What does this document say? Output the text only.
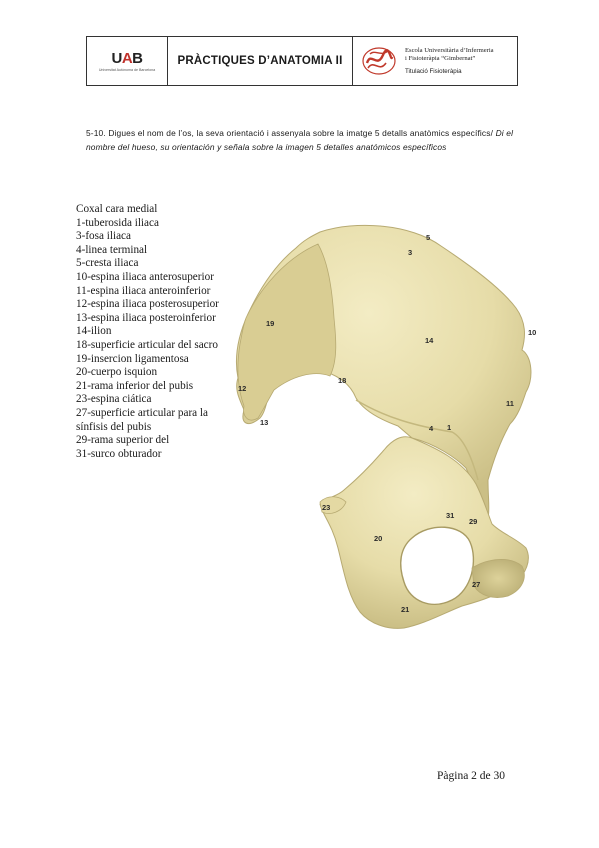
UAB
Universitat Autònoma de Barcelona
PRÀCTIQUES D’ANATOMIA II
Escola Universitària d’Infermeria
i Fisioteràpia “Gimbernat”
Titulació Fisioteràpia
5-10. Digues el nom de l’os, la seva orientació i assenyala sobre la imatge 5 detalls anatòmics específics/ Di el nombre del hueso, su orientación y señala sobre la imagen 5 detalles anatómicos específicos
Coxal cara medial
1-tuberosida iliaca
3-fosa iliaca
4-linea terminal
5-cresta iliaca
10-espina iliaca anterosuperior
11-espina iliaca anteroinferior
12-espina iliaca posterosuperior
13-espina iliaca posteroinferior
14-ilion
18-superficie articular del sacro
19-insercion ligamentosa
20-cuerpo isquion
21-rama inferior del pubis
23-espina ciática
27-superficie articular para la
sínfisis del pubis
29-rama superior del
31-surco obturador
5
3
10
19
14
18
12
11
13
4 1
23
31
29
20
27
21
Pàgina 2 de 30
